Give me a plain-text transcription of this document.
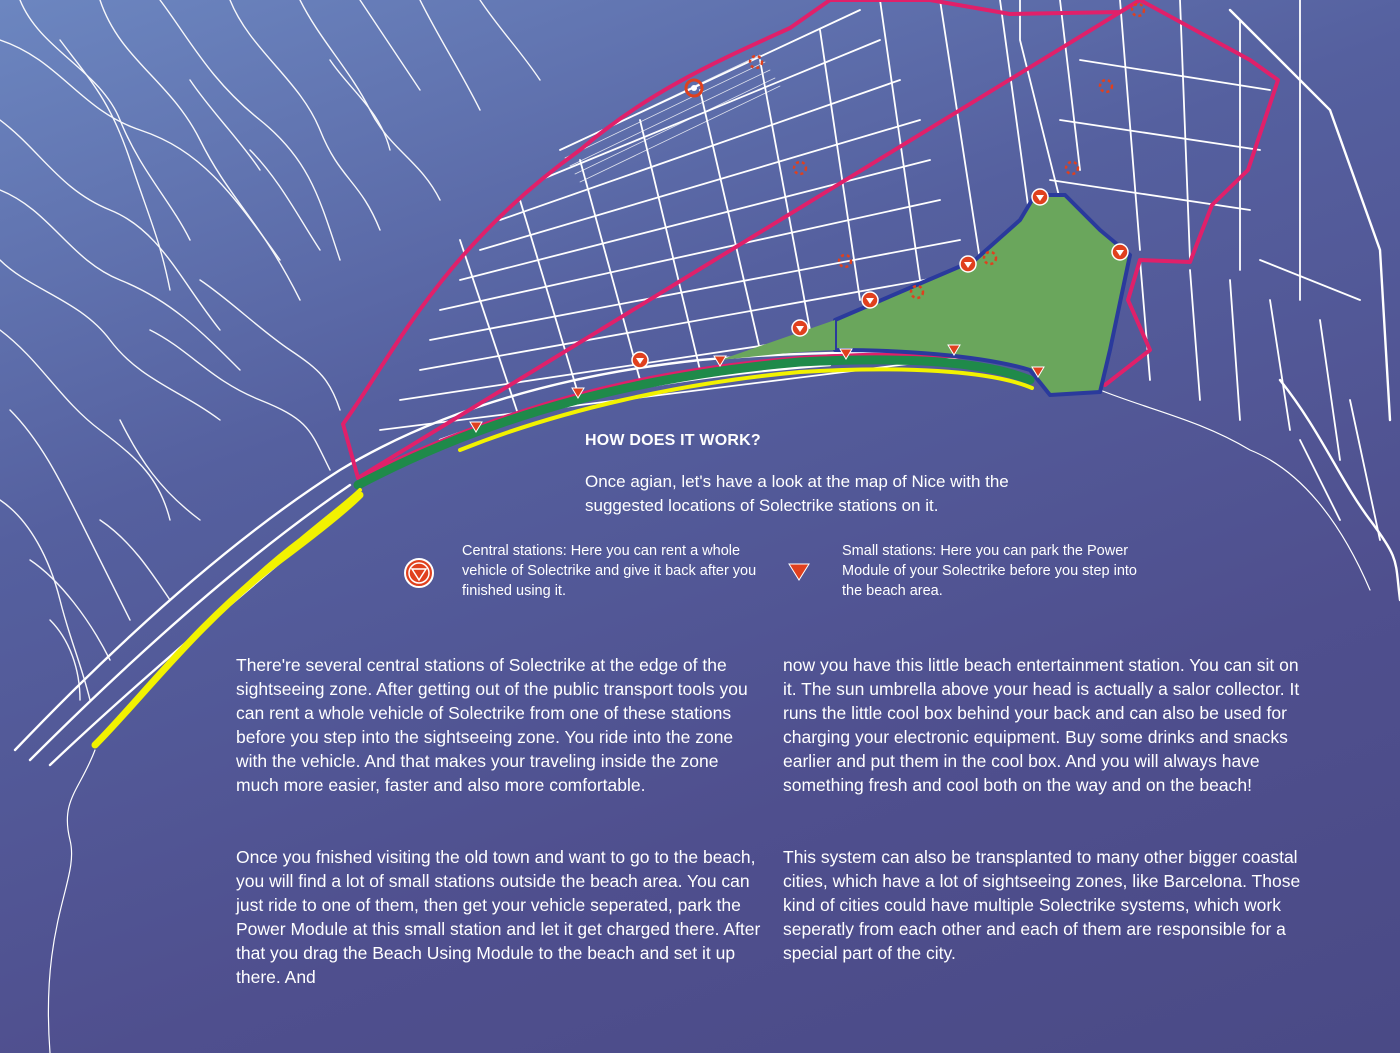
HOW DOES IT WORK?
Once agian, let's have a look at the map of Nice with the suggested locations of Solectrike stations on it.
Central stations: Here you can rent a whole vehicle of Solectrike and give it back after you finished using it.
Small stations: Here you can park the Power Module of your Solectrike before you step into the beach area.

There're several central stations of Solectrike at the edge of the sightseeing zone. After getting out of the public transport tools you can rent a whole vehicle of Solectrike from one of these stations before you step into the sightseeing zone. You ride into the zone with the vehicle. And that makes your traveling inside the zone much more easier, faster and also more comfortable.

Once you fnished visiting the old town and want to go to the beach, you will find a lot of small stations outside the beach area. You can just ride to one of them, then get your vehicle seperated, park the Power Module at this small station and let it get charged there. After that you drag the Beach Using Module to the beach and set it up there. And

now you have this little beach entertainment station. You can sit on it. The sun umbrella above your head is actually a salor collector. It runs the little cool box behind your back and can also be used for charging your electronic equipment. Buy some drinks and snacks earlier and put them in the cool box. And you will always have something fresh and cool both on the way and on the beach!

This system can also be transplanted to many other bigger coastal cities, which have a lot of sightseeing zones, like Barcelona. Those kind of cities could have multiple Solectrike systems, which work seperatly from each other and each of them are responsible for a special part of the city.
